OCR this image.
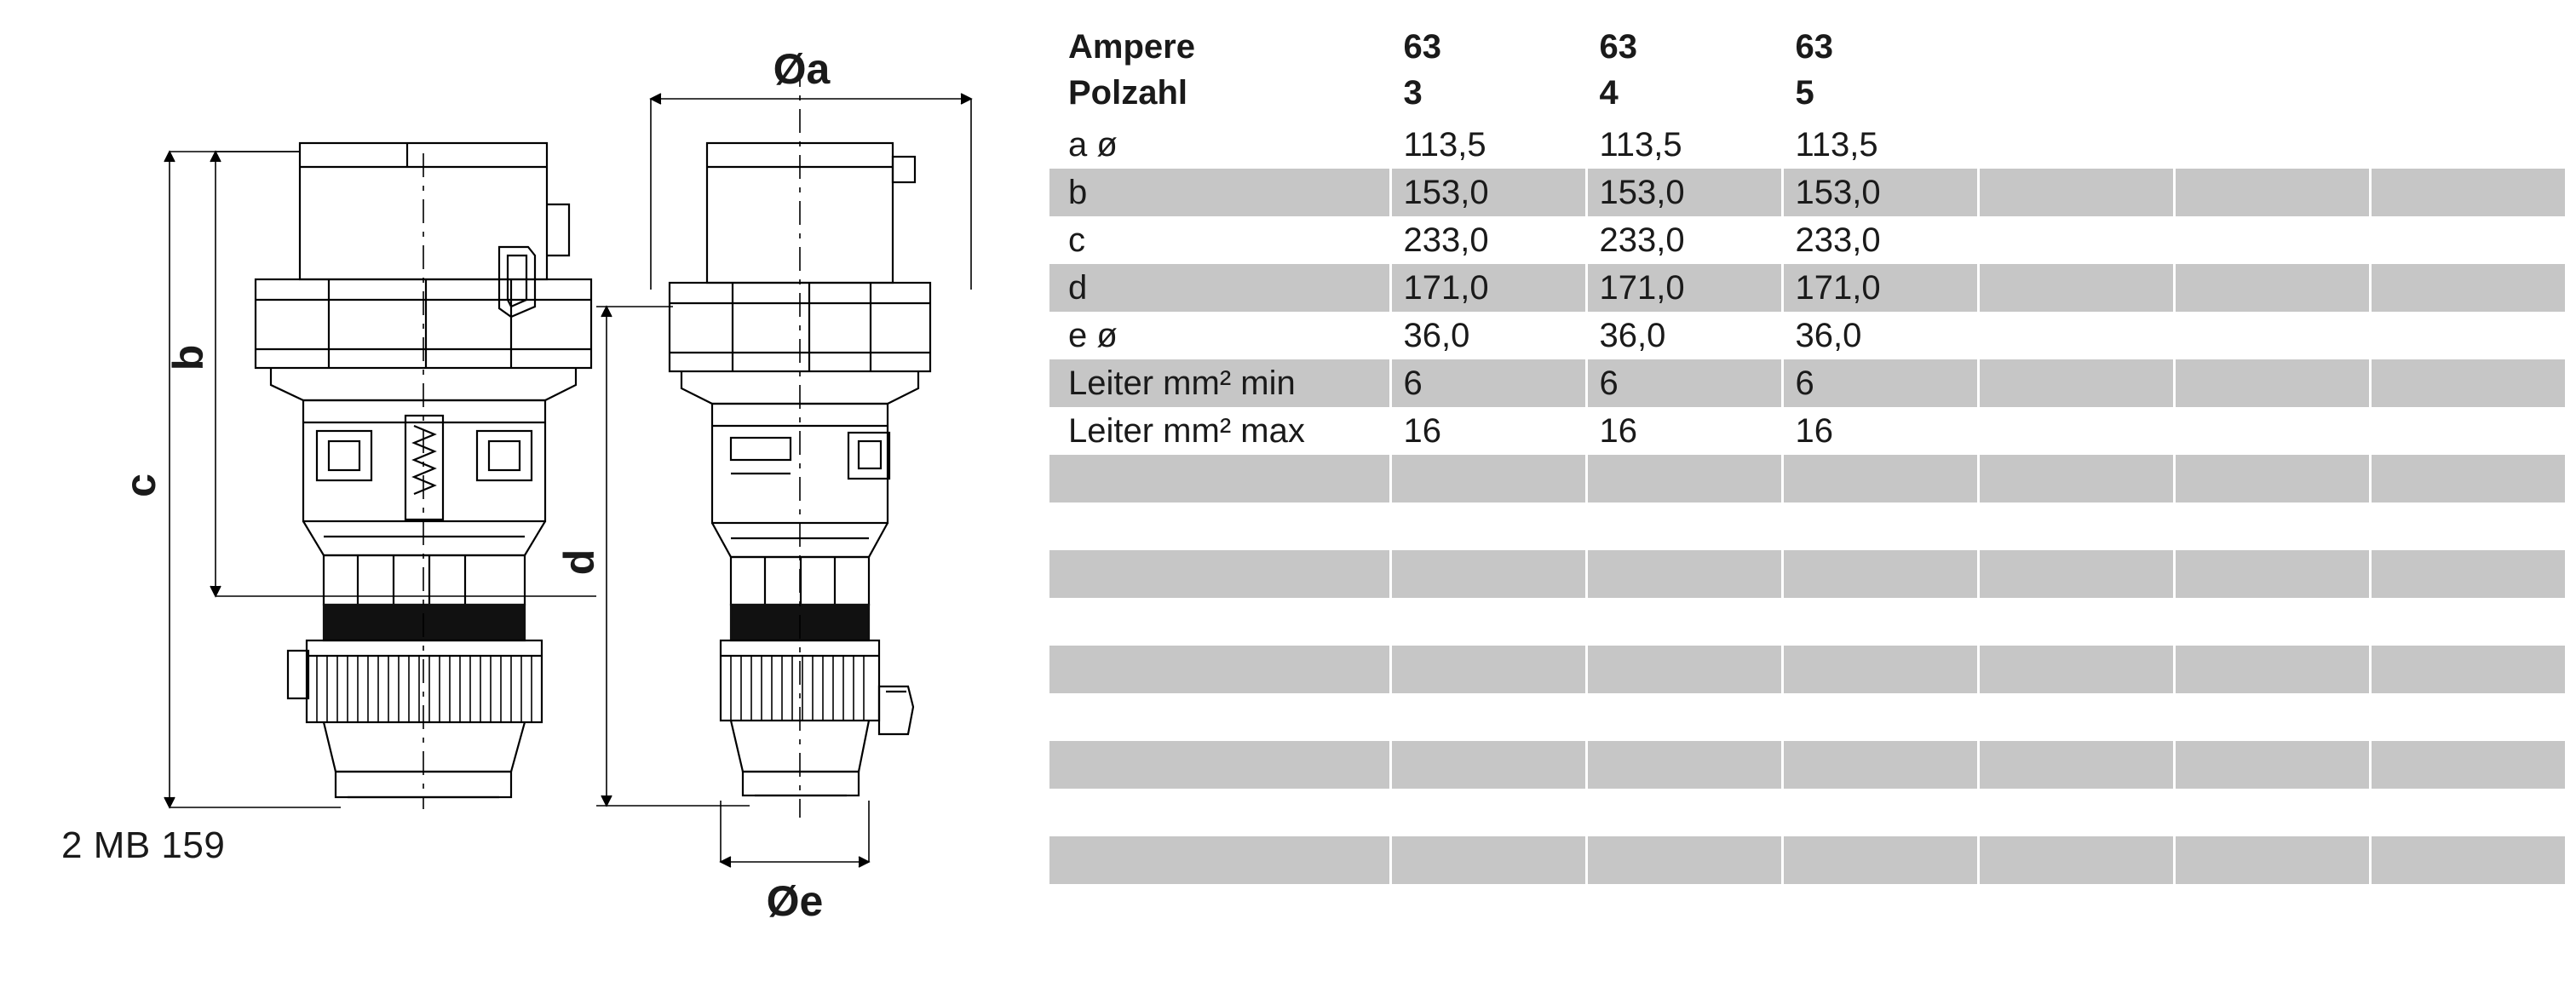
Øa
Øe
b
c
d
2 MB 159
Ampere	63	63	63			
Polzahl	3	4	5			

a ø	113,5	113,5	113,5			
b	153,0	153,0	153,0			
c	233,0	233,0	233,0			
d	171,0	171,0	171,0			
e ø	36,0	36,0	36,0			
Leiter mm² min	6	6	6			
Leiter mm² max	16	16	16			
